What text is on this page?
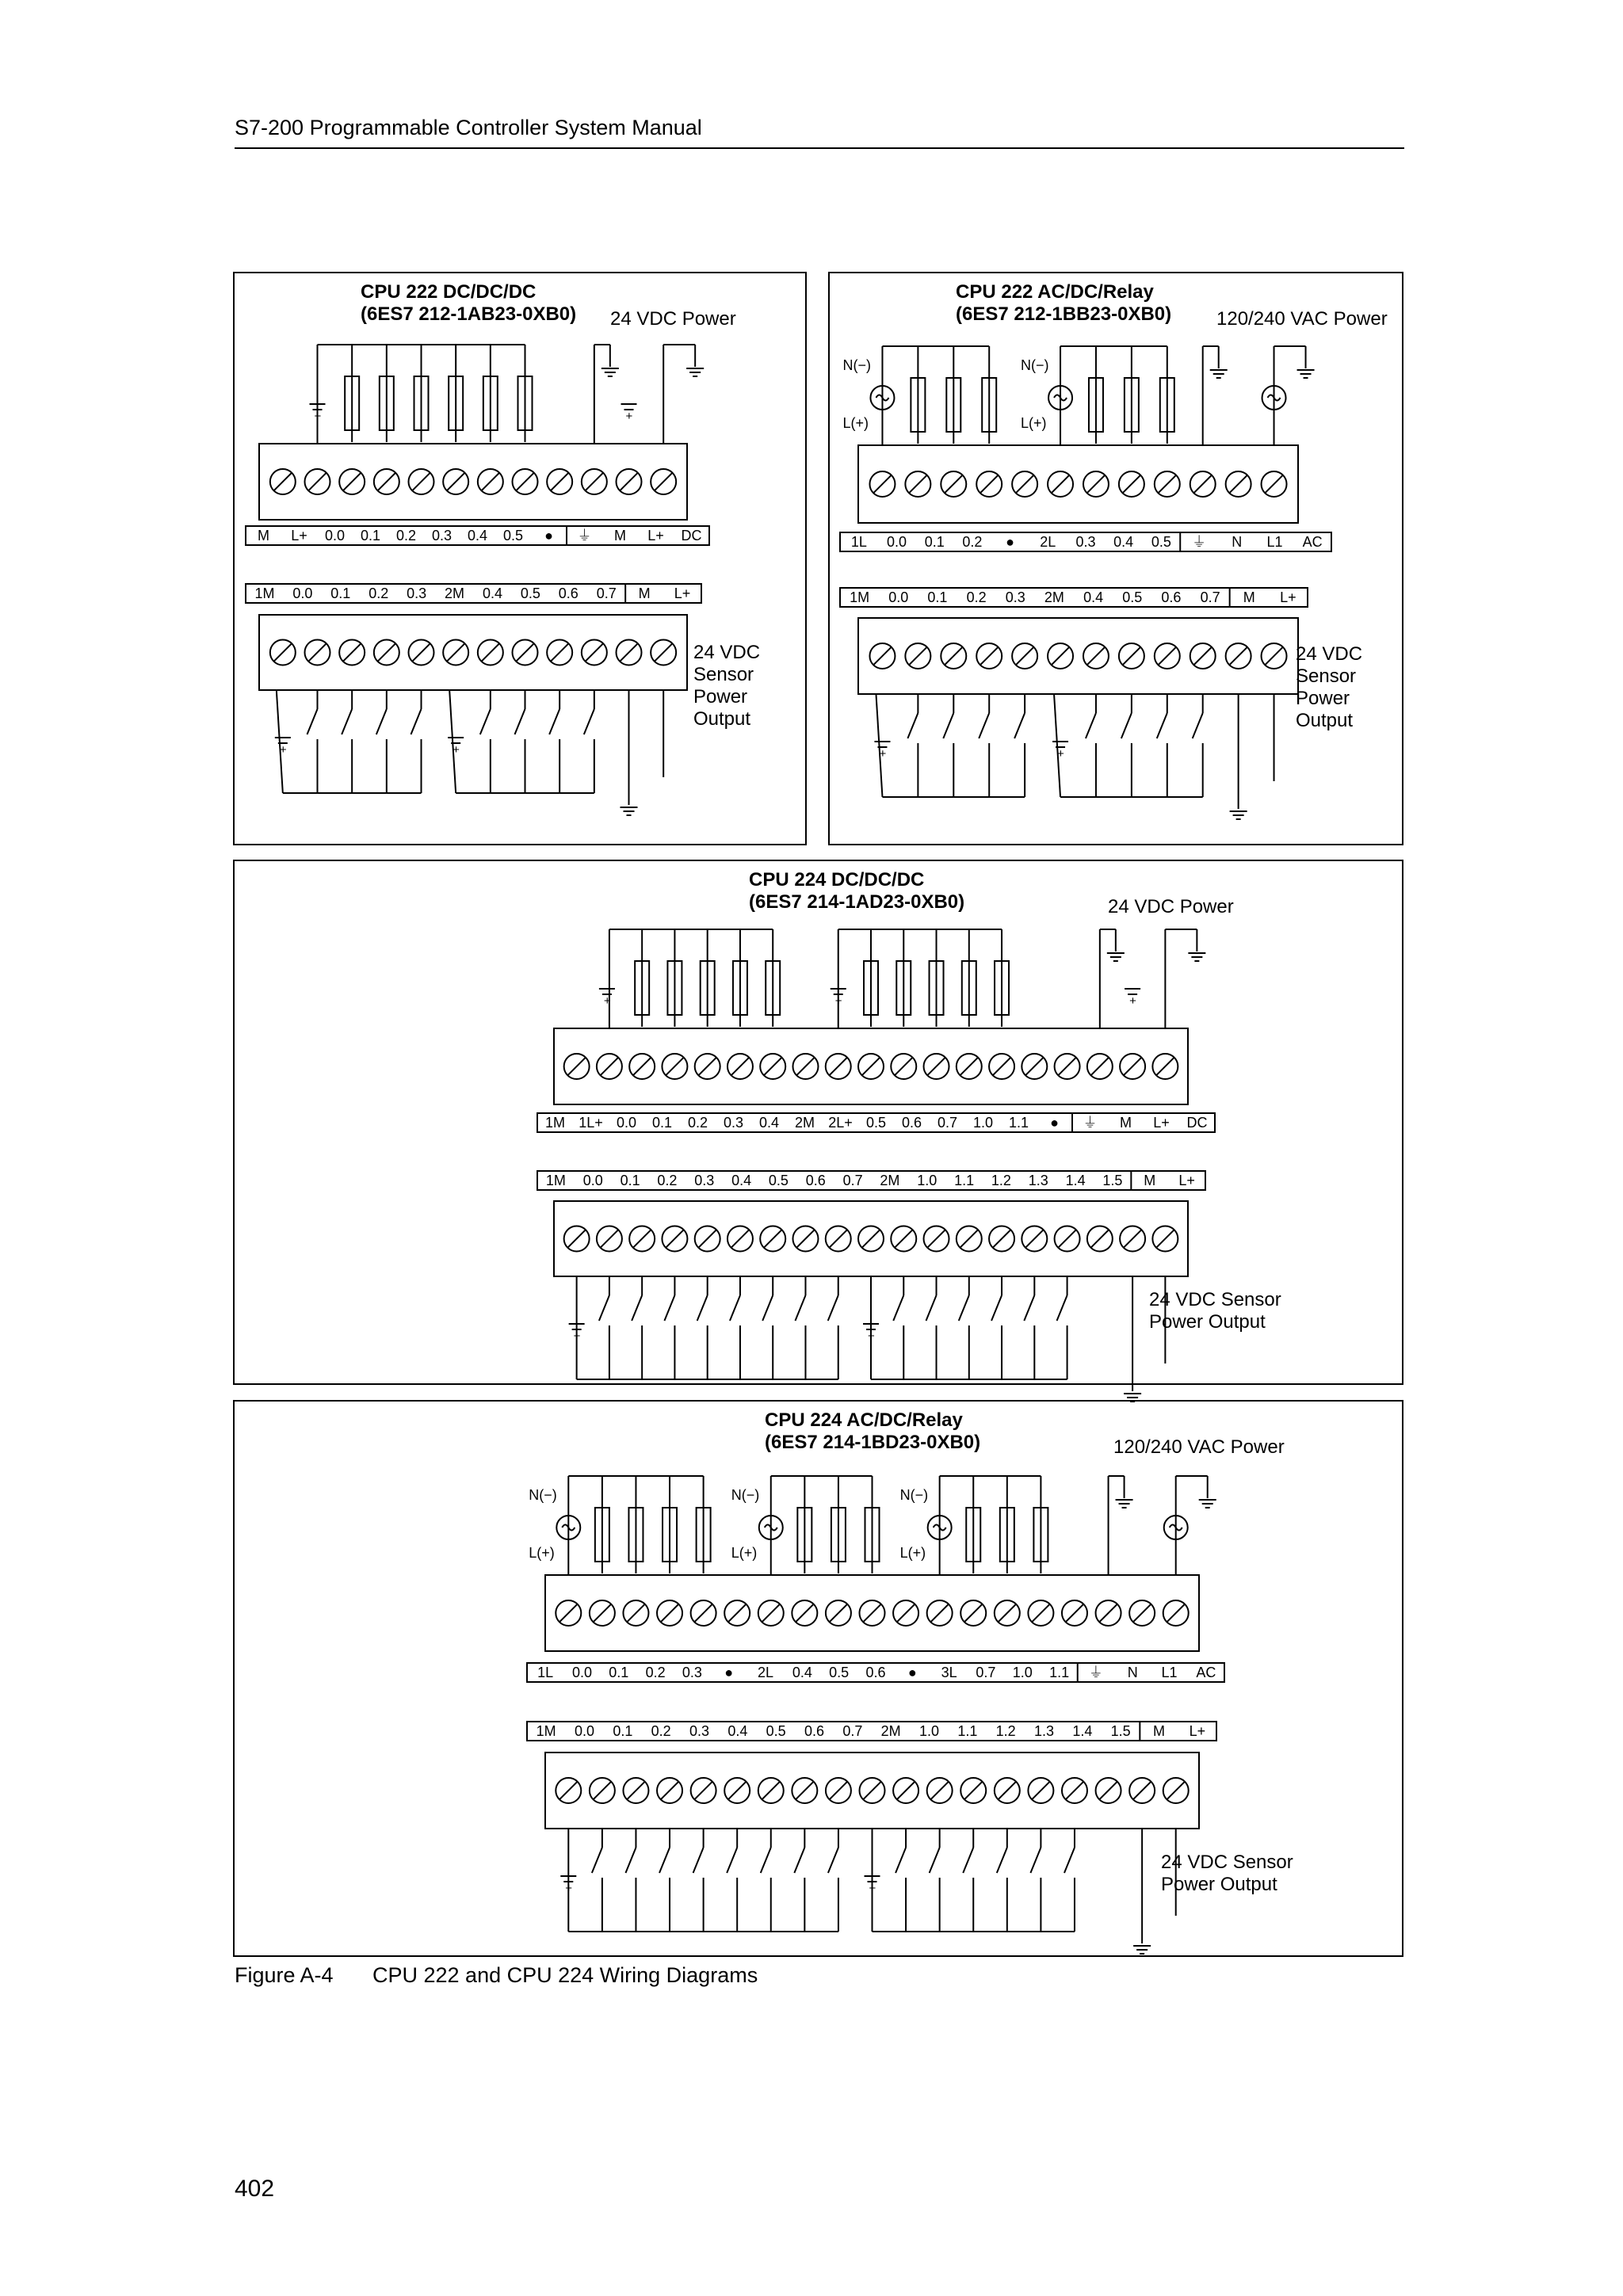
S7-200 Programmable Controller System Manual
CPU 222 DC/DC/DC
(6ES7 212-1AB23-0XB0) 24 VDC Power
24 VDC Sensor Power Output
M L+ 0.0 0.1 0.2 0.3 0.4 0.5 ● ⏚ M L+ DC
+	+
1M 0.0 0.1 0.2 0.3 2M 0.4 0.5 0.6 0.7 M L+
+	+
CPU 222 AC/DC/Relay
(6ES7 212-1BB23-0XB0) 120/240 VAC Power
N(−)
L(+)
N(−)
L(+)
24 VDC Sensor Power Output
1L 0.0 0.1 0.2 ● 2L 0.3 0.4 0.5 ⏚ N L1 AC
1M 0.0 0.1 0.2 0.3 2M 0.4 0.5 0.6 0.7 M L+
+	+
CPU 224 DC/DC/DC
(6ES7 214-1AD23-0XB0)	24 VDC Power
24 VDC Sensor Power Output
1M 1L+ 0.0 0.1 0.2 0.3 0.4 2M 2L+ 0.5 0.6 0.7 1.0 1.1 ● ⏚ M L+ DC
+	+	+
1M 0.0 0.1 0.2 0.3 0.4 0.5 0.6 0.7 2M 1.0 1.1 1.2 1.3 1.4 1.5 M L+
+	+
CPU 224 AC/DC/Relay
(6ES7 214-1BD23-0XB0)	120/240 VAC Power
N(−)
L(+)
N(−)
L(+)
N(−)
L(+)
24 VDC Sensor Power Output
1L 0.0 0.1 0.2 0.3 ● 2L 0.4 0.5 0.6 ● 3L 0.7 1.0 1.1 ⏚ N L1 AC
1M 0.0 0.1 0.2 0.3 0.4 0.5 0.6 0.7 2M 1.0 1.1 1.2 1.3 1.4 1.5 M L+
+	+
Figure A-4 CPU 222 and CPU 224 Wiring Diagrams
402
